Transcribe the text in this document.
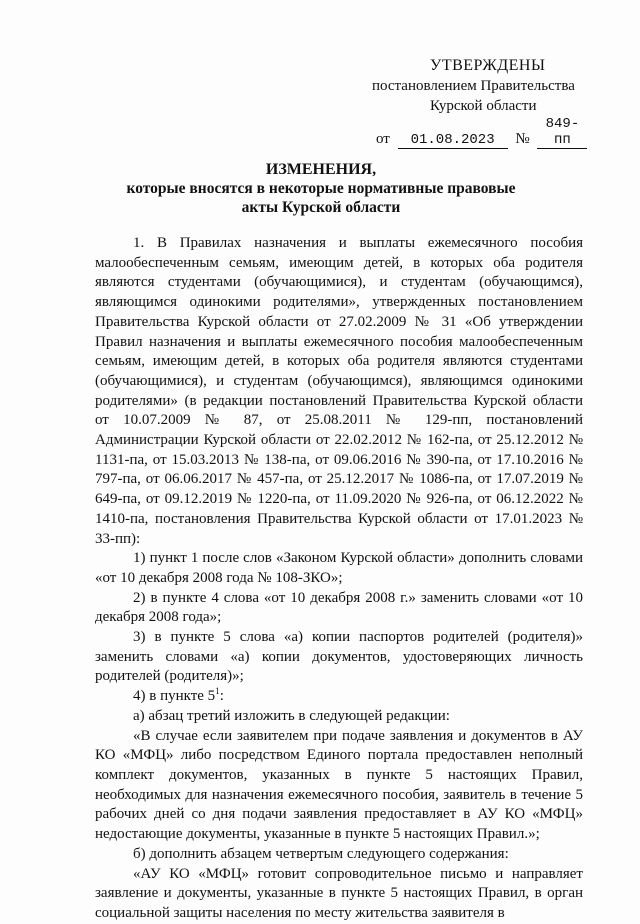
УТВЕРЖДЕНЫ
постановлением Правительства
Курской области
от 01.08.2023 № 849-пп
ИЗМЕНЕНИЯ,
которые вносятся в некоторые нормативные правовые
акты Курской области

1. В Правилах назначения и выплаты ежемесячного пособия малообеспеченным семьям, имеющим детей, в которых оба родителя являются студентами (обучающимися), и студентам (обучающимся), являющимся одинокими родителями», утвержденных постановлением Правительства Курской области от 27.02.2009 № 31 «Об утверждении Правил назначения и выплаты ежемесячного пособия малообеспеченным семьям, имеющим детей, в которых оба родителя являются студентами (обучающимися), и студентам (обучающимся), являющимся одинокими родителями» (в редакции постановлений Правительства Курской области от 10.07.2009 № 87, от 25.08.2011 № 129-пп, постановлений Администрации Курской области от 22.02.2012 № 162-па, от 25.12.2012 № 1131-па, от 15.03.2013 № 138-па, от 09.06.2016 № 390-па, от 17.10.2016 № 797-па, от 06.06.2017 № 457-па, от 25.12.2017 № 1086-па, от 17.07.2019 № 649-па, от 09.12.2019 № 1220-па, от 11.09.2020 № 926-па, от 06.12.2022 № 1410-па, постановления Правительства Курской области от 17.01.2023 № 33-пп):

1) пункт 1 после слов «Законом Курской области» дополнить словами «от 10 декабря 2008 года № 108-ЗКО»;

2) в пункте 4 слова «от 10 декабря 2008 г.» заменить словами «от 10 декабря 2008 года»;

3) в пункте 5 слова «а) копии паспортов родителей (родителя)» заменить словами «а) копии документов, удостоверяющих личность родителей (родителя)»;

4) в пункте $5^1$:

а) абзац третий изложить в следующей редакции:

«В случае если заявителем при подаче заявления и документов в АУ КО «МФЦ» либо посредством Единого портала предоставлен неполный комплект документов, указанных в пункте 5 настоящих Правил, необходимых для назначения ежемесячного пособия, заявитель в течение 5 рабочих дней со дня подачи заявления предоставляет в АУ КО «МФЦ» недостающие документы, указанные в пункте 5 настоящих Правил.»;

б) дополнить абзацем четвертым следующего содержания:

«АУ КО «МФЦ» готовит сопроводительное письмо и направляет заявление и документы, указанные в пункте 5 настоящих Правил, в орган социальной защиты населения по месту жительства заявителя в
